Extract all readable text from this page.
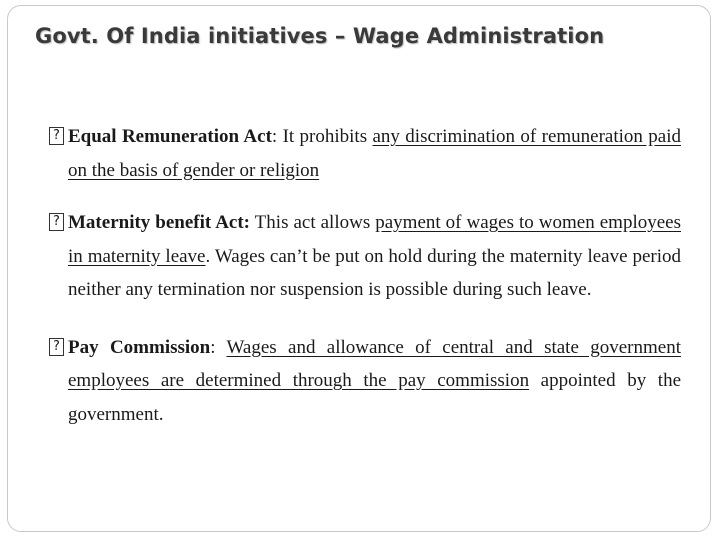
Govt. Of India initiatives – Wage Administration
? Equal Remuneration Act: It prohibits any discrimination of remuneration paid on the basis of gender or religion
? Maternity benefit Act: This act allows payment of wages to women employees in maternity leave. Wages can’t be put on hold during the maternity leave period neither any termination nor suspension is possible during such leave.
? Pay Commission: Wages and allowance of central and state government employees are determined through the pay commission appointed by the government.
